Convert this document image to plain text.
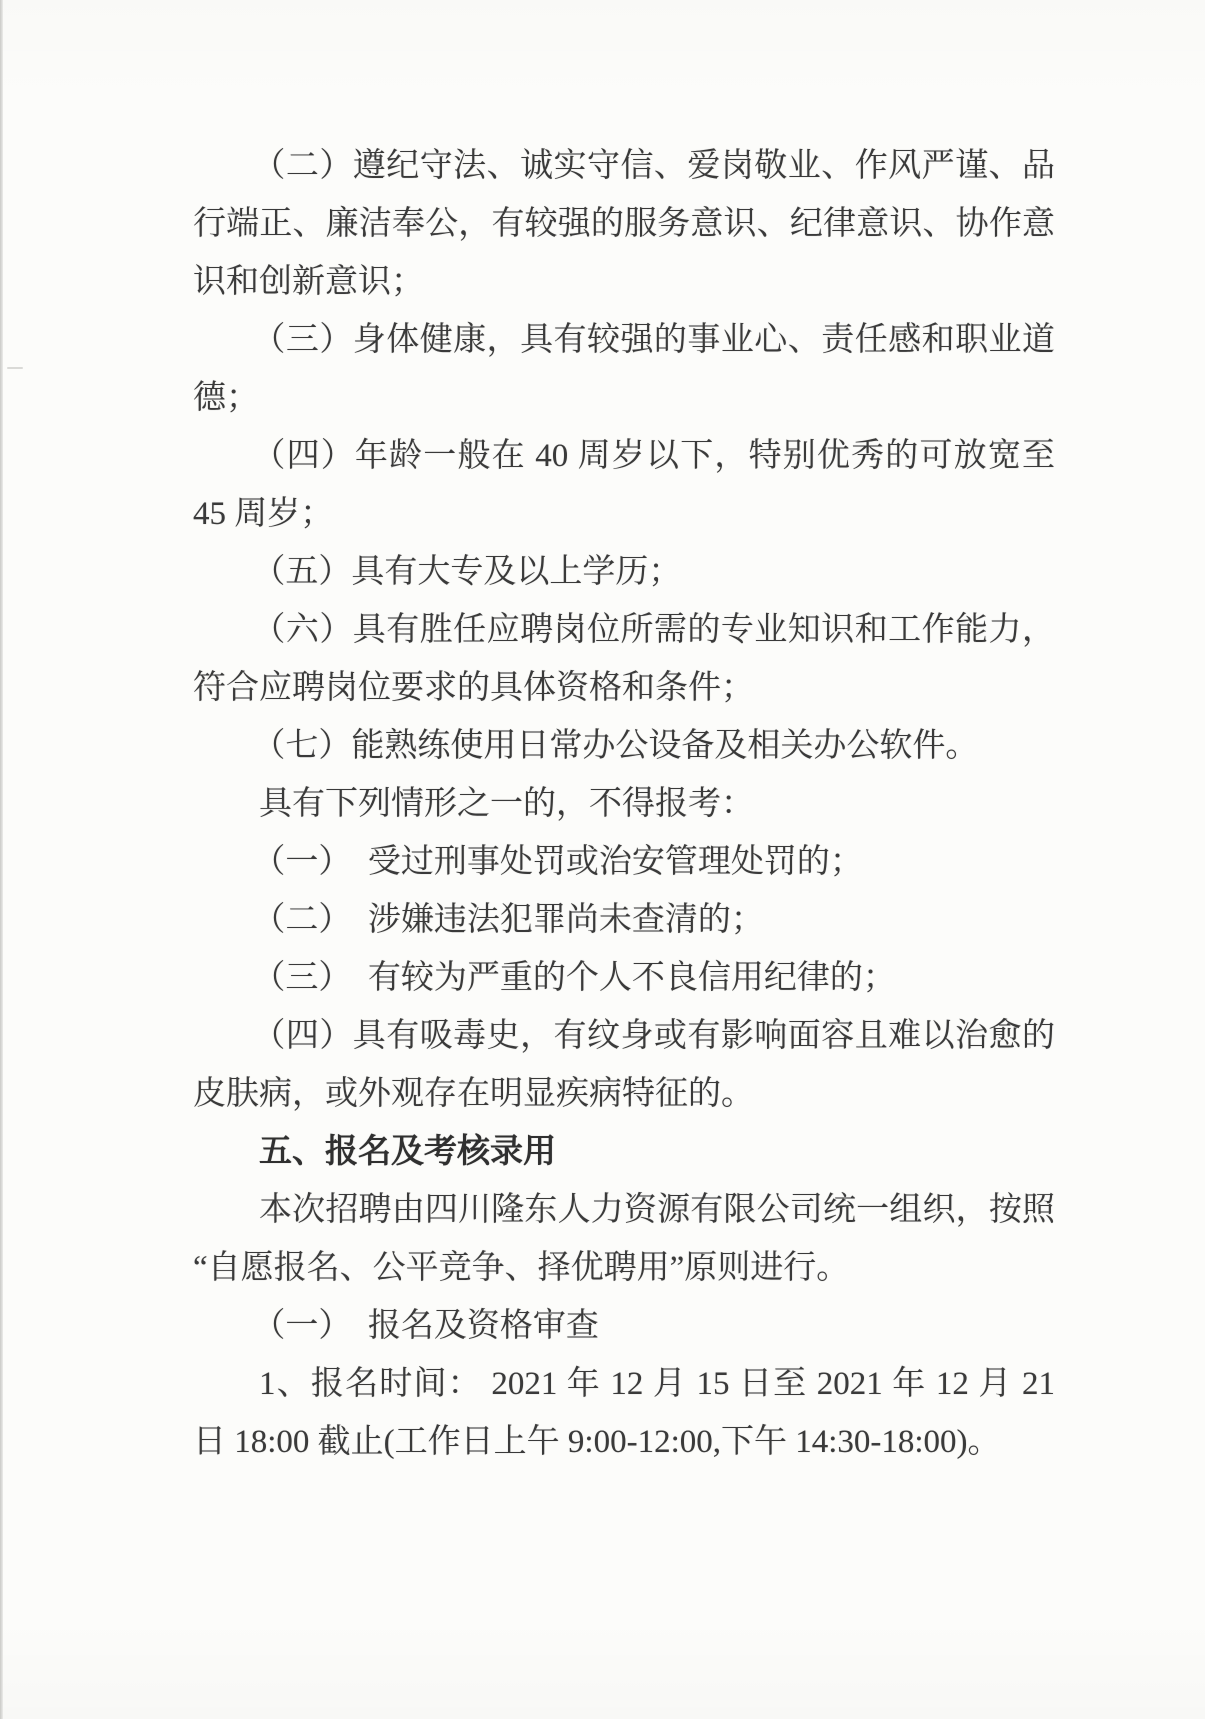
（二）遵纪守法、诚实守信、爱岗敬业、作风严谨、品
行端正、廉洁奉公，有较强的服务意识、纪律意识、协作意
识和创新意识；

（三）身体健康，具有较强的事业心、责任感和职业道
德；

（四）年龄一般在 40 周岁以下，特别优秀的可放宽至
45 周岁；

（五）具有大专及以上学历；

（六）具有胜任应聘岗位所需的专业知识和工作能力，
符合应聘岗位要求的具体资格和条件；

（七）能熟练使用日常办公设备及相关办公软件。

具有下列情形之一的，不得报考：

（一） 受过刑事处罚或治安管理处罚的；

（二） 涉嫌违法犯罪尚未查清的；

（三） 有较为严重的个人不良信用纪律的；

（四）具有吸毒史，有纹身或有影响面容且难以治愈的
皮肤病，或外观存在明显疾病特征的。

五、报名及考核录用

本次招聘由四川隆东人力资源有限公司统一组织，按照
“自愿报名、公平竞争、择优聘用”原则进行。

（一） 报名及资格审查

1、报名时间： 2021 年 12 月 15 日至 2021 年 12 月 21
日 18:00 截止(工作日上午 9:00-12:00,下午 14:30-18:00)。
